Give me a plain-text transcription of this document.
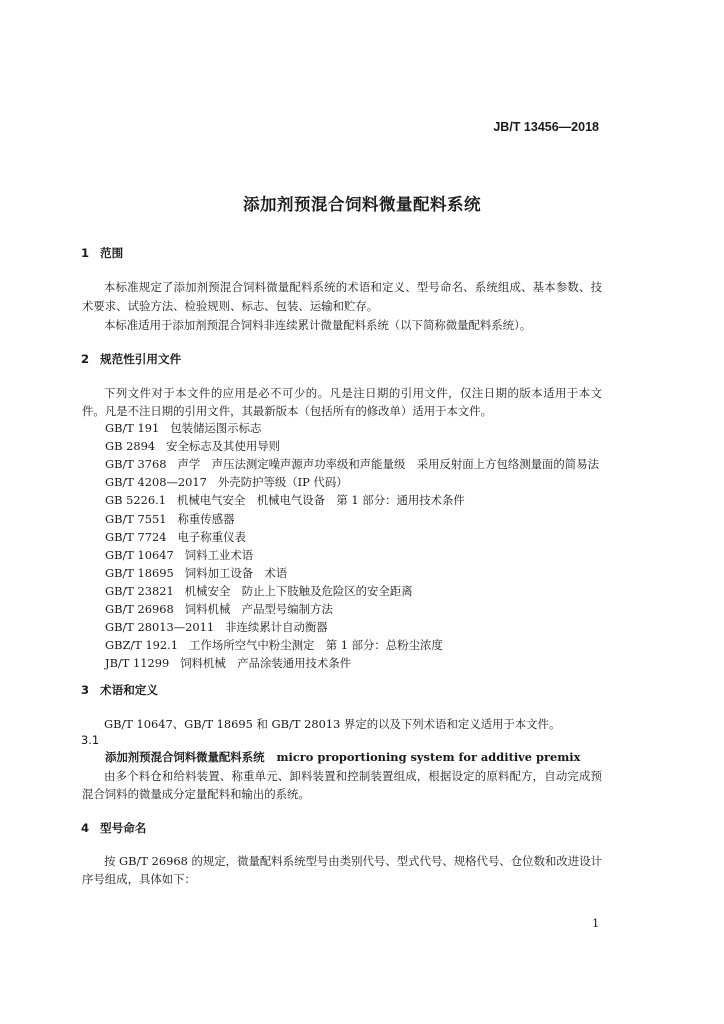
JB/T 13456—2018
添加剂预混合饲料微量配料系统
1 范围
本标准规定了添加剂预混合饲料微量配料系统的术语和定义、型号命名、系统组成、基本参数、技
术要求、试验方法、检验规则、标志、包装、运输和贮存。
本标准适用于添加剂预混合饲料非连续累计微量配料系统（以下简称微量配料系统）。
2 规范性引用文件
下列文件对于本文件的应用是必不可少的。凡是注日期的引用文件，仅注日期的版本适用于本文
件。凡是不注日期的引用文件，其最新版本（包括所有的修改单）适用于本文件。
GB/T 191 包装储运图示标志
GB 2894 安全标志及其使用导则
GB/T 3768 声学　声压法测定噪声源声功率级和声能量级　采用反射面上方包络测量面的简易法
GB/T 4208—2017 外壳防护等级（IP 代码）
GB 5226.1 机械电气安全　机械电气设备　第 1 部分：通用技术条件
GB/T 7551 称重传感器
GB/T 7724 电子称重仪表
GB/T 10647 饲料工业术语
GB/T 18695 饲料加工设备　术语
GB/T 23821 机械安全　防止上下肢触及危险区的安全距离
GB/T 26968 饲料机械　产品型号编制方法
GB/T 28013—2011 非连续累计自动衡器
GBZ/T 192.1 工作场所空气中粉尘测定　第 1 部分：总粉尘浓度
JB/T 11299 饲料机械　产品涂装通用技术条件
3 术语和定义
GB/T 10647、GB/T 18695 和 GB/T 28013 界定的以及下列术语和定义适用于本文件。
3.1
添加剂预混合饲料微量配料系统 micro proportioning system for additive premix
由多个料仓和给料装置、称重单元、卸料装置和控制装置组成，根据设定的原料配方，自动完成预
混合饲料的微量成分定量配料和输出的系统。
4 型号命名
按 GB/T 26968 的规定，微量配料系统型号由类别代号、型式代号、规格代号、仓位数和改进设计
序号组成，具体如下：
1
